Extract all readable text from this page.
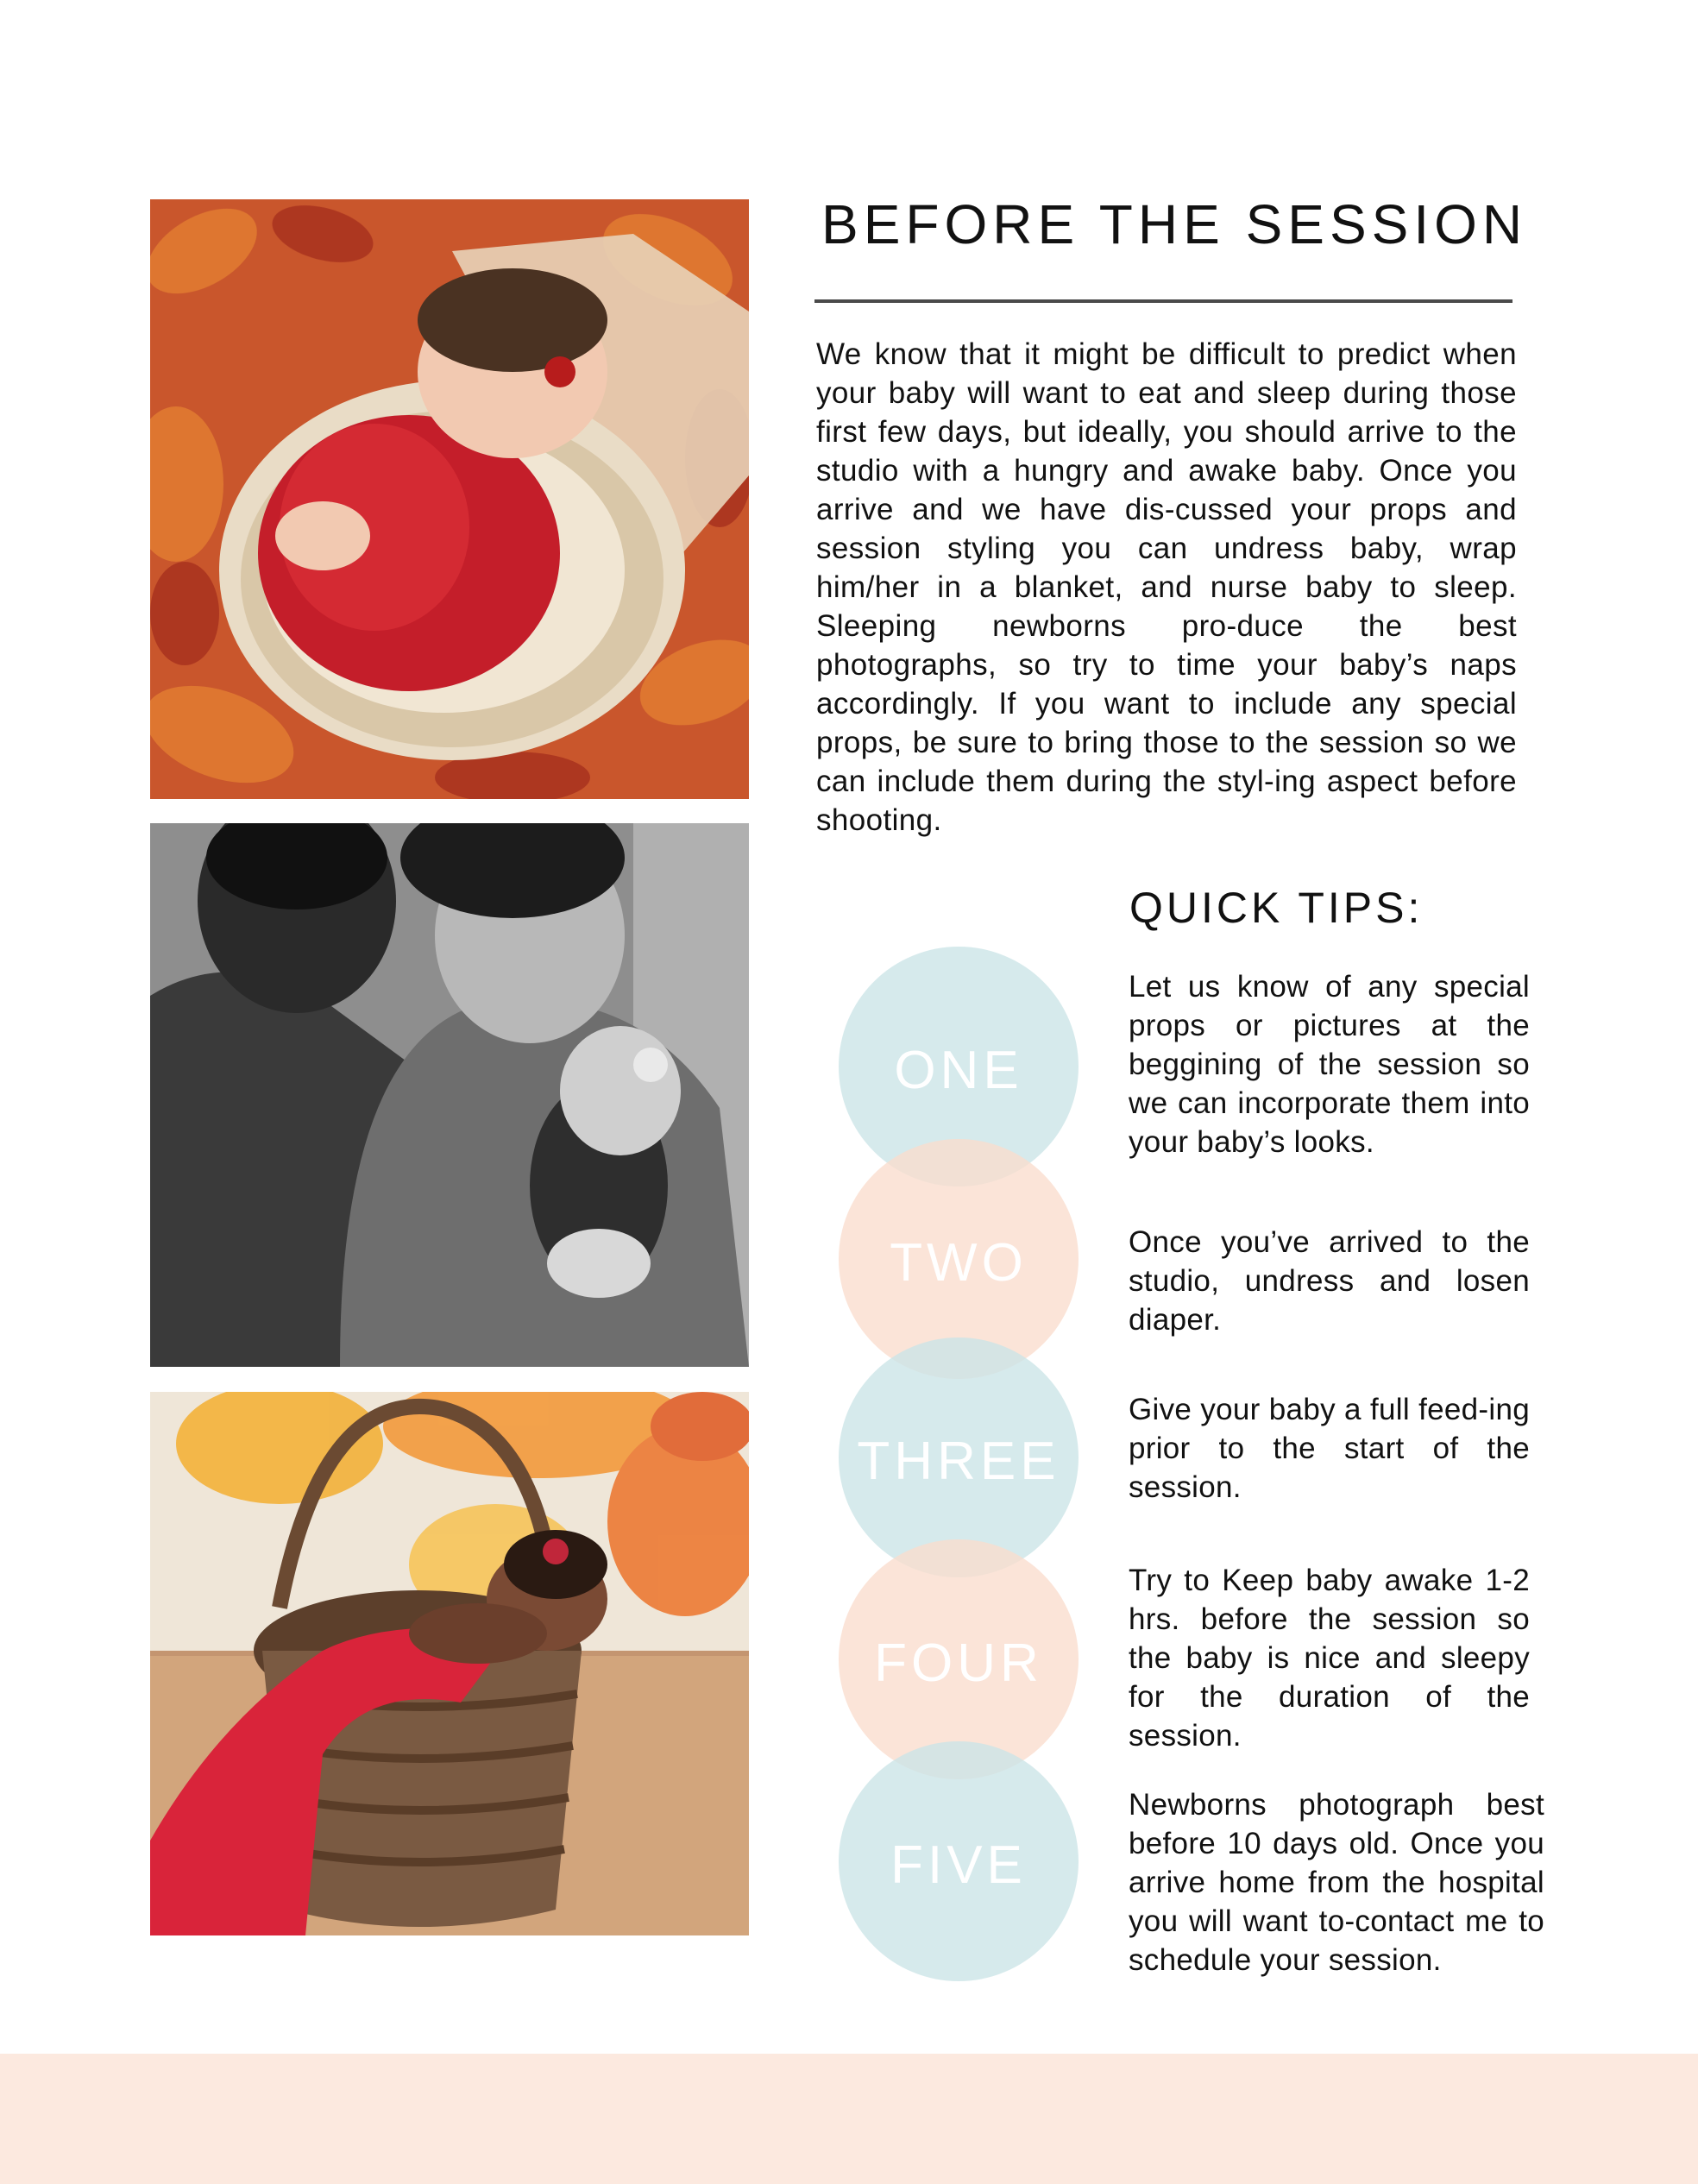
BEFORE THE SESSION

We know that it might be difficult to predict when your baby will want to eat and sleep during those first few days, but ideally, you should arrive to the studio with a hungry and awake baby. Once you arrive and we have dis-cussed your props and session styling you can undress baby, wrap him/her in a blanket, and nurse baby to sleep. Sleeping newborns pro-duce the best photographs, so try to time your baby’s naps accordingly. If you want to include any special props, be sure to bring those to the session so we can include them during the styl-ing aspect before shooting.

QUICK TIPS:
ONE
TWO
THREE
FOUR
FIVE

Let us know of any special props or pictures at the beggining of the session so we can incorporate them into your baby’s looks.

Once you’ve arrived to the studio, undress and losen diaper.

Give your baby a full feed-ing prior to the start of the session.

Try to Keep baby awake 1-2 hrs. before the session so the baby is nice and sleepy for the duration of the session.

Newborns photograph best before 10 days old. Once you arrive home from the hospital you will want to-contact me to schedule your session.
